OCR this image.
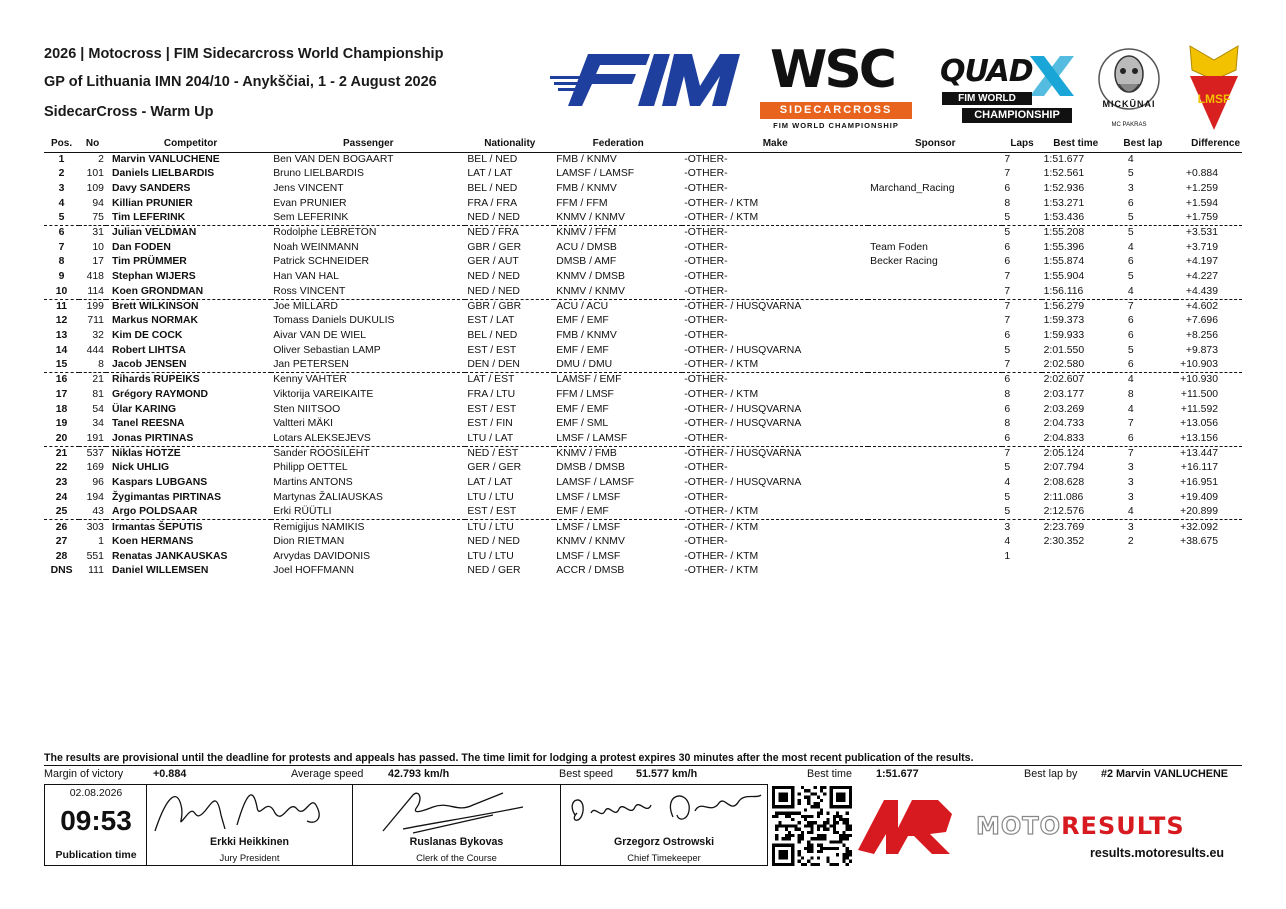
2026 | Motocross | FIM Sidecarcross World Championship
GP of Lithuania IMN 204/10 - Anykščiai, 1 - 2 August 2026
SidecarCross - Warm Up
WSC
SIDECARCROSS
FIM WORLD CHAMPIONSHIP
QUAD
FIM WORLD
CHAMPIONSHIP
MICKŪNAI
MC PAKRAS
LMSF
Pos.	No	Competitor	Passenger	Nationality	Federation	Make	Sponsor	Laps	Best time	Best lap	Difference
1	2	Marvin VANLUCHENE	Ben VAN DEN BOGAART	BEL / NED	FMB / KNMV	-OTHER-		7	1:51.677	4	
2	101	Daniels LIELBARDIS	Bruno LIELBARDIS	LAT / LAT	LAMSF / LAMSF	-OTHER-		7	1:52.561	5	+0.884
3	109	Davy SANDERS	Jens VINCENT	BEL / NED	FMB / KNMV	-OTHER-	Marchand_Racing	6	1:52.936	3	+1.259
4	94	Killian PRUNIER	Evan PRUNIER	FRA / FRA	FFM / FFM	-OTHER- / KTM		8	1:53.271	6	+1.594
5	75	Tim LEFERINK	Sem LEFERINK	NED / NED	KNMV / KNMV	-OTHER- / KTM		5	1:53.436	5	+1.759
6	31	Julian VELDMAN	Rodolphe LEBRETON	NED / FRA	KNMV / FFM	-OTHER-		5	1:55.208	5	+3.531
7	10	Dan FODEN	Noah WEINMANN	GBR / GER	ACU / DMSB	-OTHER-	Team Foden	6	1:55.396	4	+3.719
8	17	Tim PRÜMMER	Patrick SCHNEIDER	GER / AUT	DMSB / AMF	-OTHER-	Becker Racing	6	1:55.874	6	+4.197
9	418	Stephan WIJERS	Han VAN HAL	NED / NED	KNMV / DMSB	-OTHER-		7	1:55.904	5	+4.227
10	114	Koen GRONDMAN	Ross VINCENT	NED / NED	KNMV / KNMV	-OTHER-		7	1:56.116	4	+4.439
11	199	Brett WILKINSON	Joe MILLARD	GBR / GBR	ACU / ACU	-OTHER- / HUSQVARNA		7	1:56.279	7	+4.602
12	711	Markus NORMAK	Tomass Daniels DUKULIS	EST / LAT	EMF / EMF	-OTHER-		7	1:59.373	6	+7.696
13	32	Kim DE COCK	Aivar VAN DE WIEL	BEL / NED	FMB / KNMV	-OTHER-		6	1:59.933	6	+8.256
14	444	Robert LIHTSA	Oliver Sebastian LAMP	EST / EST	EMF / EMF	-OTHER- / HUSQVARNA		5	2:01.550	5	+9.873
15	8	Jacob JENSEN	Jan PETERSEN	DEN / DEN	DMU / DMU	-OTHER- / KTM		7	2:02.580	6	+10.903
16	21	Rihards RUPEIKS	Kenny VAHTER	LAT / EST	LAMSF / EMF	-OTHER-		6	2:02.607	4	+10.930
17	81	Grégory RAYMOND	Viktorija VAREIKAITE	FRA / LTU	FFM / LMSF	-OTHER- / KTM		8	2:03.177	8	+11.500
18	54	Ülar KARING	Sten NIITSOO	EST / EST	EMF / EMF	-OTHER- / HUSQVARNA		6	2:03.269	4	+11.592
19	34	Tanel REESNA	Valtteri MÄKI	EST / FIN	EMF / SML	-OTHER- / HUSQVARNA		8	2:04.733	7	+13.056
20	191	Jonas PIRTINAS	Lotars ALEKSEJEVS	LTU / LAT	LMSF / LAMSF	-OTHER-		6	2:04.833	6	+13.156
21	537	Niklas HOTZE	Sander ROOSILEHT	NED / EST	KNMV / FMB	-OTHER- / HUSQVARNA		7	2:05.124	7	+13.447
22	169	Nick UHLIG	Philipp OETTEL	GER / GER	DMSB / DMSB	-OTHER-		5	2:07.794	3	+16.117
23	96	Kaspars LUBGANS	Martins ANTONS	LAT / LAT	LAMSF / LAMSF	-OTHER- / HUSQVARNA		4	2:08.628	3	+16.951
24	194	Žygimantas PIRTINAS	Martynas ŽALIAUSKAS	LTU / LTU	LMSF / LMSF	-OTHER-		5	2:11.086	3	+19.409
25	43	Argo POLDSAAR	Erki RÜÜTLI	EST / EST	EMF / EMF	-OTHER- / KTM		5	2:12.576	4	+20.899
26	303	Irmantas ŠEPUTIS	Remigijus NAMIKIS	LTU / LTU	LMSF / LMSF	-OTHER- / KTM		3	2:23.769	3	+32.092
27	1	Koen HERMANS	Dion RIETMAN	NED / NED	KNMV / KNMV	-OTHER-		4	2:30.352	2	+38.675
28	551	Renatas JANKAUSKAS	Arvydas DAVIDONIS	LTU / LTU	LMSF / LMSF	-OTHER- / KTM		1			
DNS	111	Daniel WILLEMSEN	Joel HOFFMANN	NED / GER	ACCR / DMSB	-OTHER- / KTM					
The results are provisional until the deadline for protests and appeals has passed. The time limit for lodging a protest expires 30 minutes after the most recent publication of the results.
Margin of victory	+0.884	Average speed 42.793 km/h	Best speed 51.577 km/h	Best time 1:51.677	Best lap by #2 Marvin VANLUCHENE
02.08.2026
09:53
Publication time
Erkki Heikkinen
Jury President
Ruslanas Bykovas
Clerk of the Course
Grzegorz Ostrowski
Chief Timekeeper
MOTORESULTS
results.motoresults.eu
